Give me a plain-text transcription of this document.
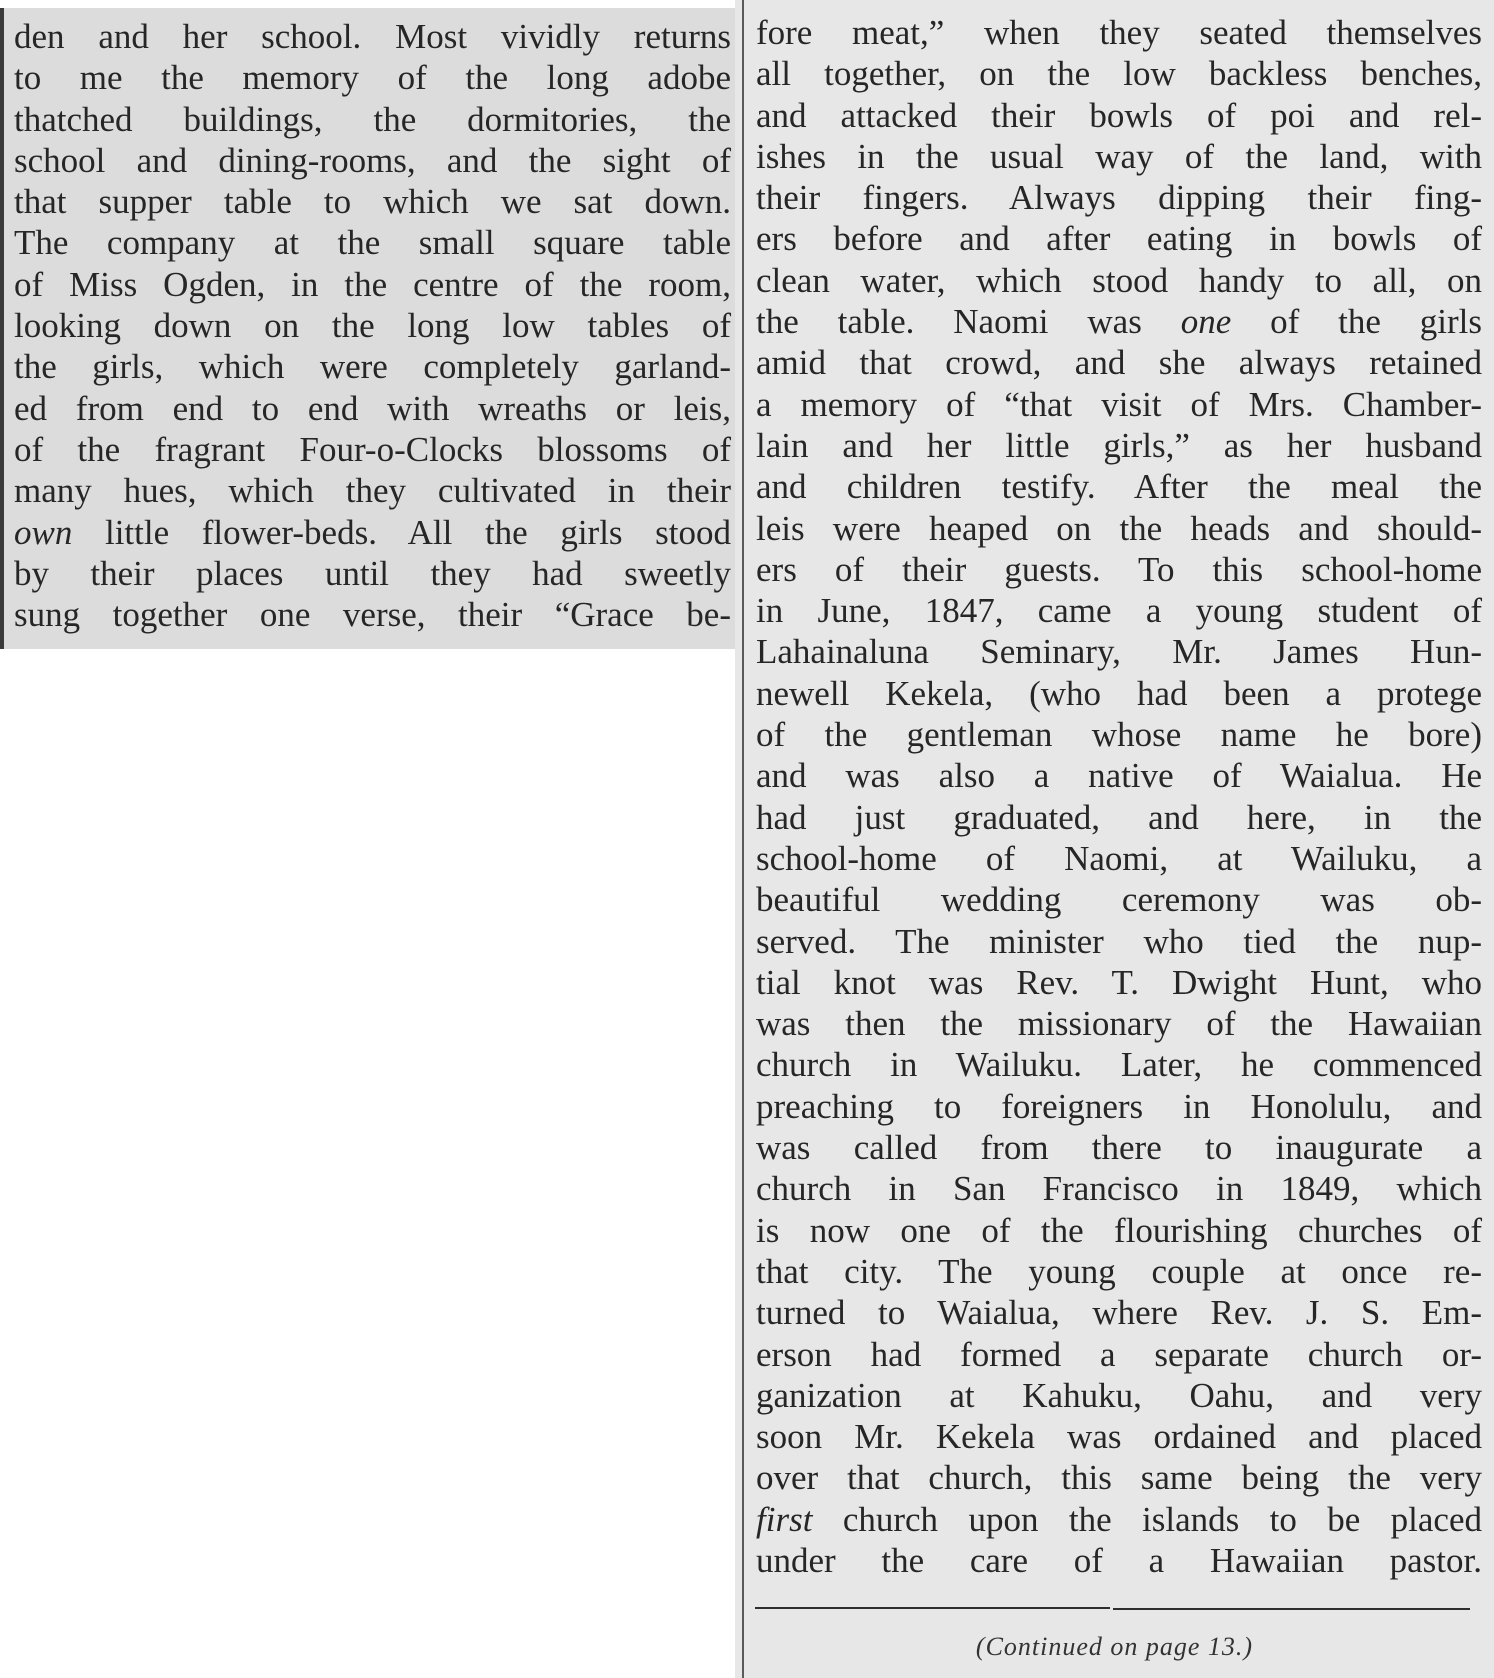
den and her school. Most vividly returns
to me the memory of the long adobe
thatched buildings, the dormitories, the
school and dining-rooms, and the sight of
that supper table to which we sat down.
The company at the small square table
of Miss Ogden, in the centre of the room,
looking down on the long low tables of
the girls, which were completely garland-
ed from end to end with wreaths or leis,
of the fragrant Four-o-Clocks blossoms of
many hues, which they cultivated in their
own little flower-beds. All the girls stood
by their places until they had sweetly
sung together one verse, their “Grace be-
fore meat,” when they seated themselves
all together, on the low backless benches,
and attacked their bowls of poi and rel-
ishes in the usual way of the land, with
their fingers. Always dipping their fing-
ers before and after eating in bowls of
clean water, which stood handy to all, on
the table. Naomi was one of the girls
amid that crowd, and she always retained
a memory of “that visit of Mrs. Chamber-
lain and her little girls,” as her husband
and children testify. After the meal the
leis were heaped on the heads and should-
ers of their guests. To this school-home
in June, 1847, came a young student of
Lahainaluna Seminary, Mr. James Hun-
newell Kekela, (who had been a protege
of the gentleman whose name he bore)
and was also a native of Waialua. He
had just graduated, and here, in the
school-home of Naomi, at Wailuku, a
beautiful wedding ceremony was ob-
served. The minister who tied the nup-
tial knot was Rev. T. Dwight Hunt, who
was then the missionary of the Hawaiian
church in Wailuku. Later, he commenced
preaching to foreigners in Honolulu, and
was called from there to inaugurate a
church in San Francisco in 1849, which
is now one of the flourishing churches of
that city. The young couple at once re-
turned to Waialua, where Rev. J. S. Em-
erson had formed a separate church or-
ganization at Kahuku, Oahu, and very
soon Mr. Kekela was ordained and placed
over that church, this same being the very
first church upon the islands to be placed
under the care of a Hawaiian pastor.
(Continued on page 13.)
